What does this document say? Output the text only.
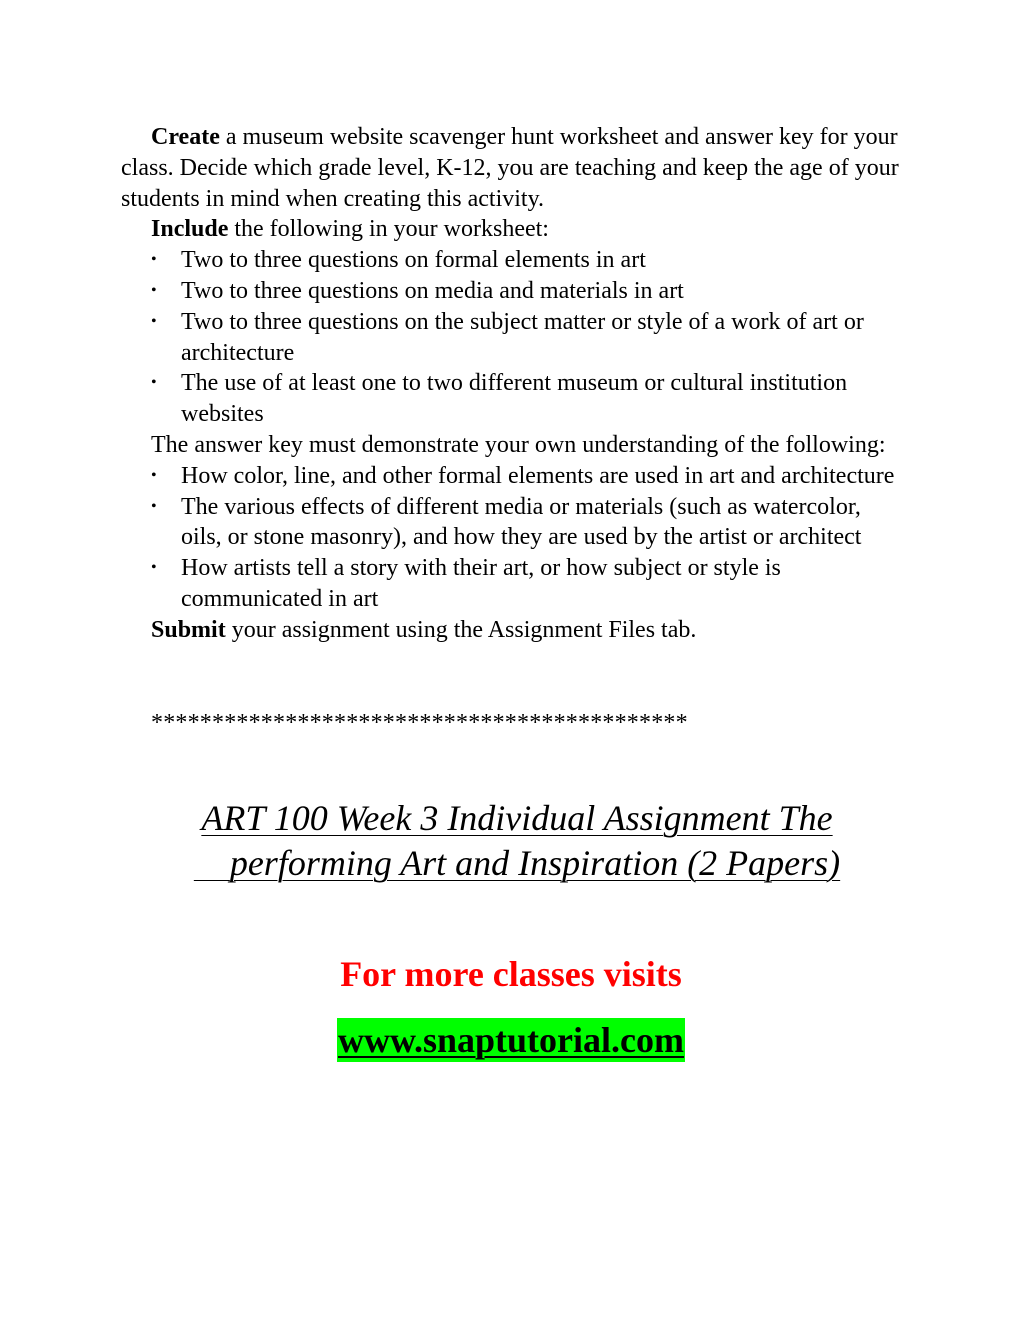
Create a museum website scavenger hunt worksheet and answer key for your class. Decide which grade level, K-12, you are teaching and keep the age of your students in mind when creating this activity.

Include the following in your worksheet:

• Two to three questions on formal elements in art
• Two to three questions on media and materials in art
• Two to three questions on the subject matter or style of a work of art or architecture
• The use of at least one to two different museum or cultural institution websites

The answer key must demonstrate your own understanding of the following:

• How color, line, and other formal elements are used in art and architecture
• The various effects of different media or materials (such as watercolor, oils, or stone masonry), and how they are used by the artist or architect
• How artists tell a story with their art, or how subject or style is communicated in art

Submit your assignment using the Assignment Files tab.

********************************************

ART 100 Week 3 Individual Assignment The
performing Art and Inspiration (2 Papers)

For more classes visits

www.snaptutorial.com
